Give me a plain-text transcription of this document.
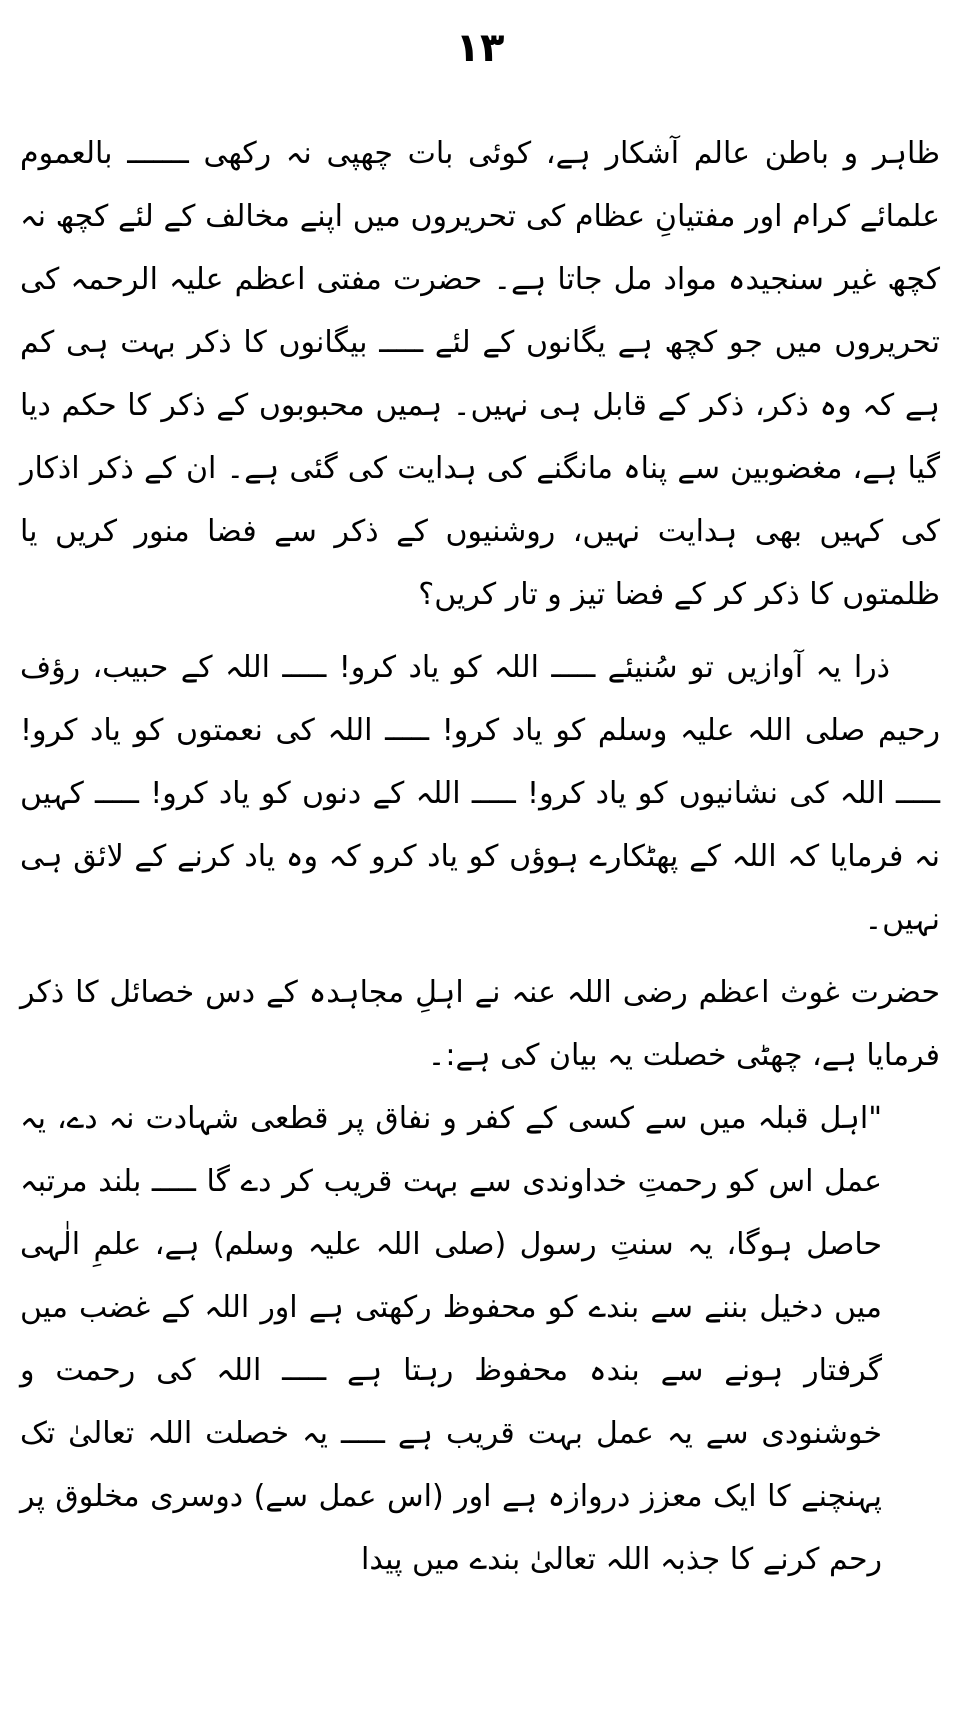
۱۳

ظاہر و باطن عالم آشکار ہے، کوئی بات چھپی نہ رکھی ـــــــ بالعموم علمائے کرام اور مفتیانِ عظام کی تحریروں میں اپنے مخالف کے لئے کچھ نہ کچھ غیر سنجیدہ مواد مل جاتا ہے۔ حضرت مفتی اعظم علیہ الرحمہ کی تحریروں میں جو کچھ ہے یگانوں کے لئے ـــــ بیگانوں کا ذکر بہت ہی کم ہے کہ وہ ذکر، ذکر کے قابل ہی نہیں۔ ہمیں محبوبوں کے ذکر کا حکم دیا گیا ہے، مغضوبین سے پناہ مانگنے کی ہدایت کی گئی ہے۔ ان کے ذکر اذکار کی کہیں بھی ہدایت نہیں، روشنیوں کے ذکر سے فضا منور کریں یا ظلمتوں کا ذکر کر کے فضا تیز و تار کریں؟

ذرا یہ آوازیں تو سُنیئے ـــــ اللہ کو یاد کرو! ـــــ اللہ کے حبیب، رؤف رحیم صلی اللہ علیہ وسلم کو یاد کرو! ـــــ اللہ کی نعمتوں کو یاد کرو! ـــــ اللہ کی نشانیوں کو یاد کرو! ـــــ اللہ کے دنوں کو یاد کرو! ـــــ کہیں نہ فرمایا کہ اللہ کے پھٹکارے ہوؤں کو یاد کرو کہ وہ یاد کرنے کے لائق ہی نہیں۔

حضرت غوث اعظم رضی اللہ عنہ نے اہلِ مجاہدہ کے دس خصائل کا ذکر فرمایا ہے، چھٹی خصلت یہ بیان کی ہے:۔

"اہل قبلہ میں سے کسی کے کفر و نفاق پر قطعی شہادت نہ دے، یہ عمل اس کو رحمتِ خداوندی سے بہت قریب کر دے گا ـــــ بلند مرتبہ حاصل ہوگا، یہ سنتِ رسول (صلی اللہ علیہ وسلم) ہے، علمِ الٰہی میں دخیل بننے سے بندے کو محفوظ رکھتی ہے اور اللہ کے غضب میں گرفتار ہونے سے بندہ محفوظ رہتا ہے ـــــ اللہ کی رحمت و خوشنودی سے یہ عمل بہت قریب ہے ـــــ یہ خصلت اللہ تعالیٰ تک پہنچنے کا ایک معزز دروازہ ہے اور (اس عمل سے) دوسری مخلوق پر رحم کرنے کا جذبہ اللہ تعالیٰ بندے میں پیدا
